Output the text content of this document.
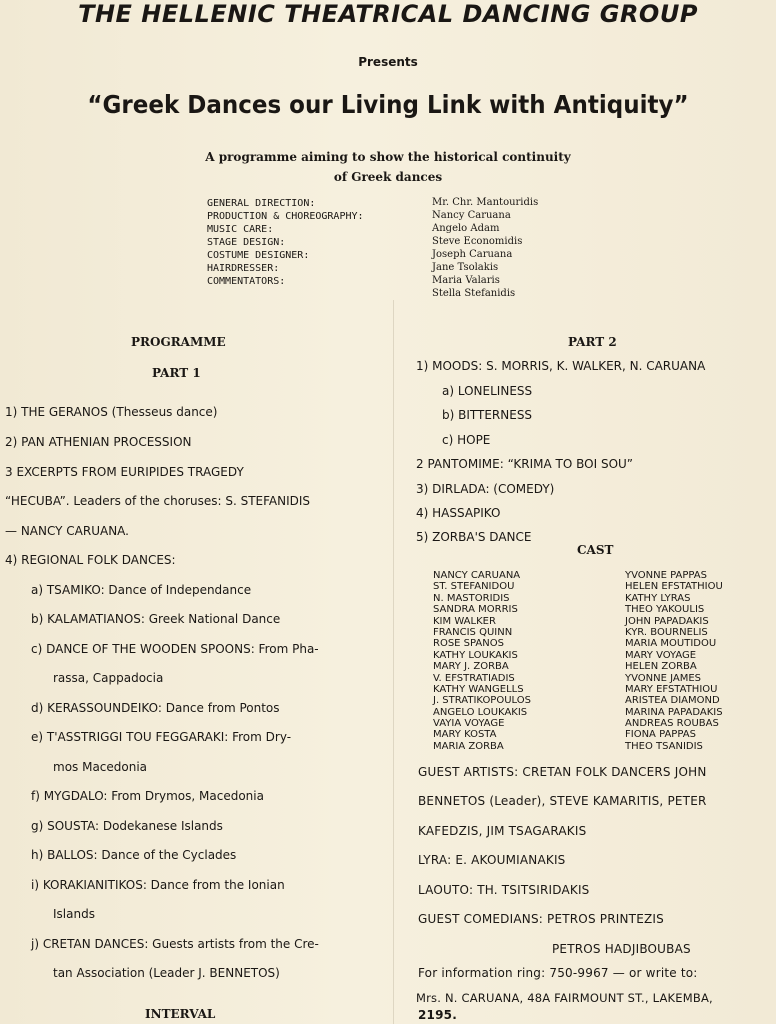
THE HELLENIC THEATRICAL DANCING GROUP
Presents
“Greek Dances our Living Link with Antiquity”
A programme aiming to show the historical continuity
of Greek dances
GENERAL DIRECTION:
PRODUCTION & CHOREOGRAPHY:
MUSIC CARE:
STAGE DESIGN:
COSTUME DESIGNER:
HAIRDRESSER:
COMMENTATORS:
Mr. Chr. Mantouridis
Nancy Caruana
Angelo Adam
Steve Economidis
Joseph Caruana
Jane Tsolakis
Maria Valaris
Stella Stefanidis
PROGRAMME
PART 1
1) THE GERANOS (Thesseus dance)
2) PAN ATHENIAN PROCESSION
3 EXCERPTS FROM EURIPIDES TRAGEDY
“HECUBA”. Leaders of the choruses: S. STEFANIDIS
— NANCY CARUANA.
4) REGIONAL FOLK DANCES:
a) TSAMIKO: Dance of Independance
b) KALAMATIANOS: Greek National Dance
c) DANCE OF THE WOODEN SPOONS: From Pha-
rassa, Cappadocia
d) KERASSOUNDEIKO: Dance from Pontos
e) T'ASSTRIGGI TOU FEGGARAKI: From Dry-
mos Macedonia
f) MYGDALO: From Drymos, Macedonia
g) SOUSTA: Dodekanese Islands
h) BALLOS: Dance of the Cyclades
i) KORAKIANITIKOS: Dance from the Ionian
Islands
j) CRETAN DANCES: Guests artists from the Cre-
tan Association (Leader J. BENNETOS)
INTERVAL
PART 2
1) MOODS: S. MORRIS, K. WALKER, N. CARUANA
a) LONELINESS
b) BITTERNESS
c) HOPE
2 PANTOMIME: “KRIMA TO BOI SOU”
3) DIRLADA: (COMEDY)
4) HASSAPIKO
5) ZORBA'S DANCE
CAST
NANCY CARUANA
ST. STEFANIDOU
N. MASTORIDIS
SANDRA MORRIS
KIM WALKER
FRANCIS QUINN
ROSE SPANOS
KATHY LOUKAKIS
MARY J. ZORBA
V. EFSTRATIADIS
KATHY WANGELLS
J. STRATIKOPOULOS
ANGELO LOUKAKIS
VAYIA VOYAGE
MARY KOSTA
MARIA ZORBA
YVONNE PAPPAS
HELEN EFSTATHIOU
KATHY LYRAS
THEO YAKOULIS
JOHN PAPADAKIS
KYR. BOURNELIS
MARIA MOUTIDOU
MARY VOYAGE
HELEN ZORBA
YVONNE JAMES
MARY EFSTATHIOU
ARISTEA DIAMOND
MARINA PAPADAKIS
ANDREAS ROUBAS
FIONA PAPPAS
THEO TSANIDIS
GUEST ARTISTS: CRETAN FOLK DANCERS JOHN
BENNETOS (Leader), STEVE KAMARITIS, PETER
KAFEDZIS, JIM TSAGARAKIS
LYRA: E. AKOUMIANAKIS
LAOUTO: TH. TSITSIRIDAKIS
GUEST COMEDIANS: PETROS PRINTEZIS
PETROS HADJIBOUBAS
For information ring: 750-9967 — or write to:
Mrs. N. CARUANA, 48A FAIRMOUNT ST., LAKEMBA,
2195.
